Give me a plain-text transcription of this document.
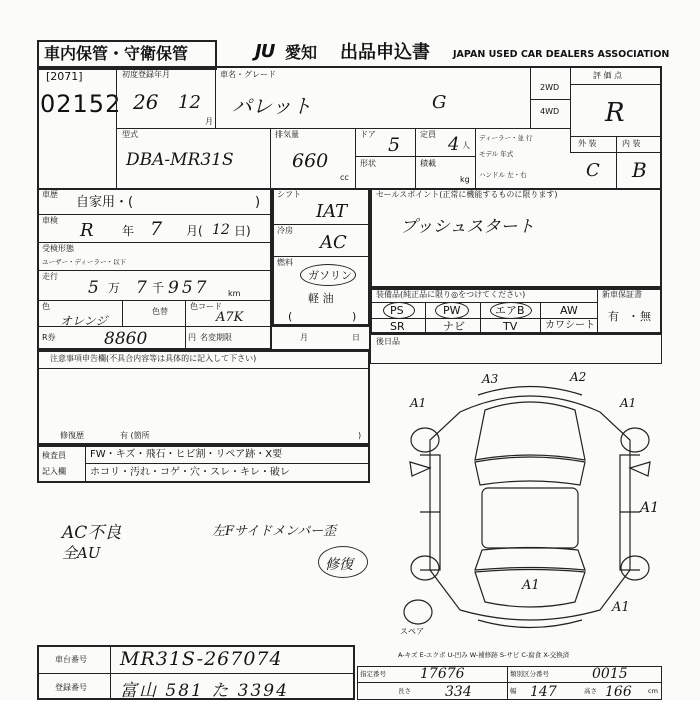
車内保管・守衛保管	JU 愛知 出品申込書 JAPAN USED CAR DEALERS ASSOCIATION
[2071]
02152
初度登録年月
26 12
月
車名・グレード
パレット	G
2WD
4WD
評 価 点
R
型式
DBA-MR31S
排気量
660
cc
ドア 5
形状
定員 4 人
積載
kg
ディーラー・並 行
モデル 年式
ハンドル 左・右
外 装	内 装
C B
車歴
自家用・(	)
車検 R 年 7 月( 12 日)
受検形態
ユーザー・ディーラー・以下
走行
5 万 7 千 957 km
色
オレンジ
色替
色コード
A7K
R券	8860	円
シフト
IAT
冷房
AC
燃料
ガソリン
軽 油
(	)
名変期限	月	日
セールスポイント(正常に機能するものに限ります)
プッシュスタート
装備品(純正品に限り◎をつけてください)	新車保証書
有 無
・
PS	PW	エアB	AW
SR	ナビ	TV	カワシート
後日品
注意事項申告欄(不具合内容等は具体的に記入して下さい)
修復歴	有 (箇所	)
検査員
記入欄
FW・キズ・飛石・ヒビ割・リペア跡・X要
ホコリ・汚れ・コゲ・穴・スレ・キレ・破レ
AC不良
全AU
左Fサイドメンバー歪
修復
A3	A2
A1	A1
A1
A1
A1
スペア
A-キズ E-エクボ U-凹み W-補修跡 S-サビ C-腐食 X-交換済
車台番号 MR31S-267074
登録番号 富山 581 た 3394
指定番号 17676	類別区分番号	0015
長さ 334	幅 147	高さ 166	cm
